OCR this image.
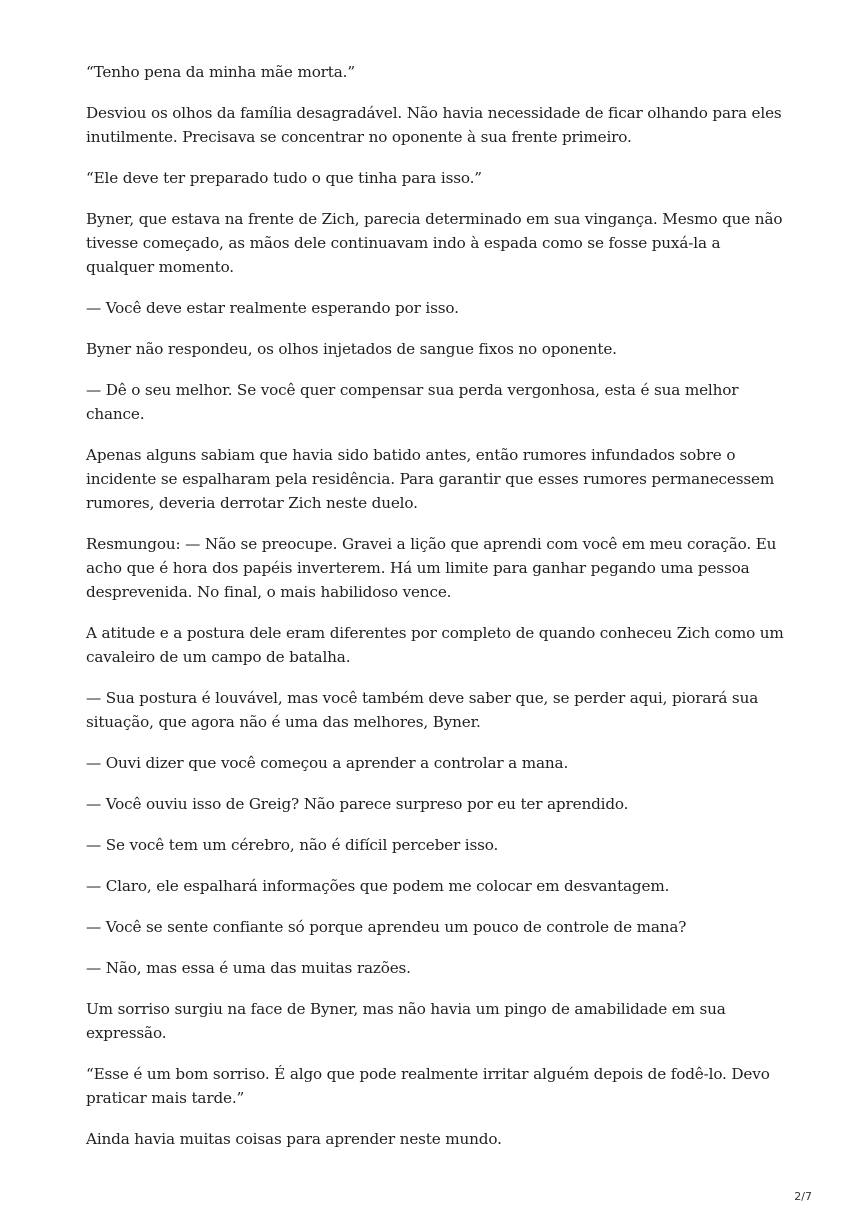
“Tenho pena da minha mãe morta.”

Desviou os olhos da família desagradável. Não havia necessidade de ficar olhando para eles inutilmente. Precisava se concentrar no oponente à sua frente primeiro.

“Ele deve ter preparado tudo o que tinha para isso.”

Byner, que estava na frente de Zich, parecia determinado em sua vingança. Mesmo que não tivesse começado, as mãos dele continuavam indo à espada como se fosse puxá-la a qualquer momento.

— Você deve estar realmente esperando por isso.

Byner não respondeu, os olhos injetados de sangue fixos no oponente.

— Dê o seu melhor. Se você quer compensar sua perda vergonhosa, esta é sua melhor chance.

Apenas alguns sabiam que havia sido batido antes, então rumores infundados sobre o incidente se espalharam pela residência. Para garantir que esses rumores permanecessem rumores, deveria derrotar Zich neste duelo.

Resmungou: — Não se preocupe. Gravei a lição que aprendi com você em meu coração. Eu acho que é hora dos papéis inverterem. Há um limite para ganhar pegando uma pessoa desprevenida. No final, o mais habilidoso vence.

A atitude e a postura dele eram diferentes por completo de quando conheceu Zich como um cavaleiro de um campo de batalha.

— Sua postura é louvável, mas você também deve saber que, se perder aqui, piorará sua situação, que agora não é uma das melhores, Byner.

— Ouvi dizer que você começou a aprender a controlar a mana.

— Você ouviu isso de Greig? Não parece surpreso por eu ter aprendido.

— Se você tem um cérebro, não é difícil perceber isso.

— Claro, ele espalhará informações que podem me colocar em desvantagem.

— Você se sente confiante só porque aprendeu um pouco de controle de mana?

— Não, mas essa é uma das muitas razões.

Um sorriso surgiu na face de Byner, mas não havia um pingo de amabilidade em sua expressão.

“Esse é um bom sorriso. É algo que pode realmente irritar alguém depois de fodê-lo. Devo praticar mais tarde.”

Ainda havia muitas coisas para aprender neste mundo.

2/7
